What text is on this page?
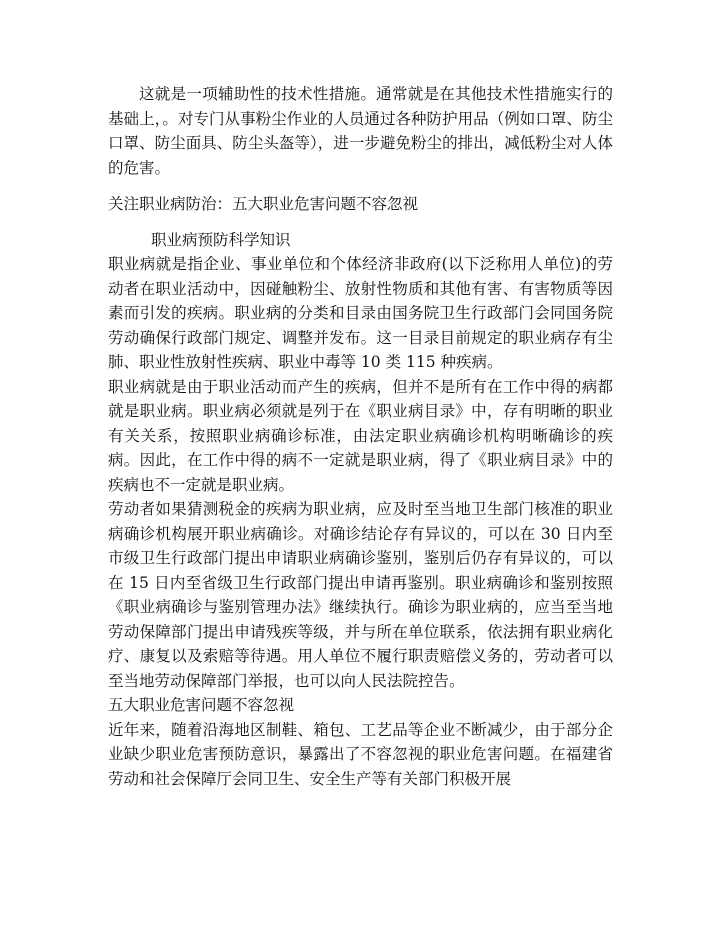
这就是一项辅助性的技术性措施。通常就是在其他技术性措施实行的基础上，。对专门从事粉尘作业的人员通过各种防护用品（例如口罩、防尘口罩、防尘面具、防尘头盔等），进一步避免粉尘的排出，减低粉尘对人体的危害。

关注职业病防治：五大职业危害问题不容忽视

职业病预防科学知识

职业病就是指企业、事业单位和个体经济非政府(以下泛称用人单位)的劳动者在职业活动中，因碰触粉尘、放射性物质和其他有害、有害物质等因素而引发的疾病。职业病的分类和目录由国务院卫生行政部门会同国务院劳动确保行政部门规定、调整并发布。这一目录目前规定的职业病存有尘肺、职业性放射性疾病、职业中毒等 10 类 115 种疾病。

职业病就是由于职业活动而产生的疾病，但并不是所有在工作中得的病都就是职业病。职业病必须就是列于在《职业病目录》中，存有明晰的职业有关关系，按照职业病确诊标准，由法定职业病确诊机构明晰确诊的疾病。因此，在工作中得的病不一定就是职业病，得了《职业病目录》中的疾病也不一定就是职业病。

劳动者如果猜测税金的疾病为职业病，应及时至当地卫生部门核准的职业病确诊机构展开职业病确诊。对确诊结论存有异议的，可以在 30 日内至市级卫生行政部门提出申请职业病确诊鉴别，鉴别后仍存有异议的，可以在 15 日内至省级卫生行政部门提出申请再鉴别。职业病确诊和鉴别按照《职业病确诊与鉴别管理办法》继续执行。确诊为职业病的，应当至当地劳动保障部门提出申请残疾等级，并与所在单位联系，依法拥有职业病化疗、康复以及索赔等待遇。用人单位不履行职责赔偿义务的，劳动者可以至当地劳动保障部门举报，也可以向人民法院控告。

五大职业危害问题不容忽视

近年来，随着沿海地区制鞋、箱包、工艺品等企业不断减少，由于部分企业缺少职业危害预防意识，暴露出了不容忽视的职业危害问题。在福建省劳动和社会保障厅会同卫生、安全生产等有关部门积极开展
